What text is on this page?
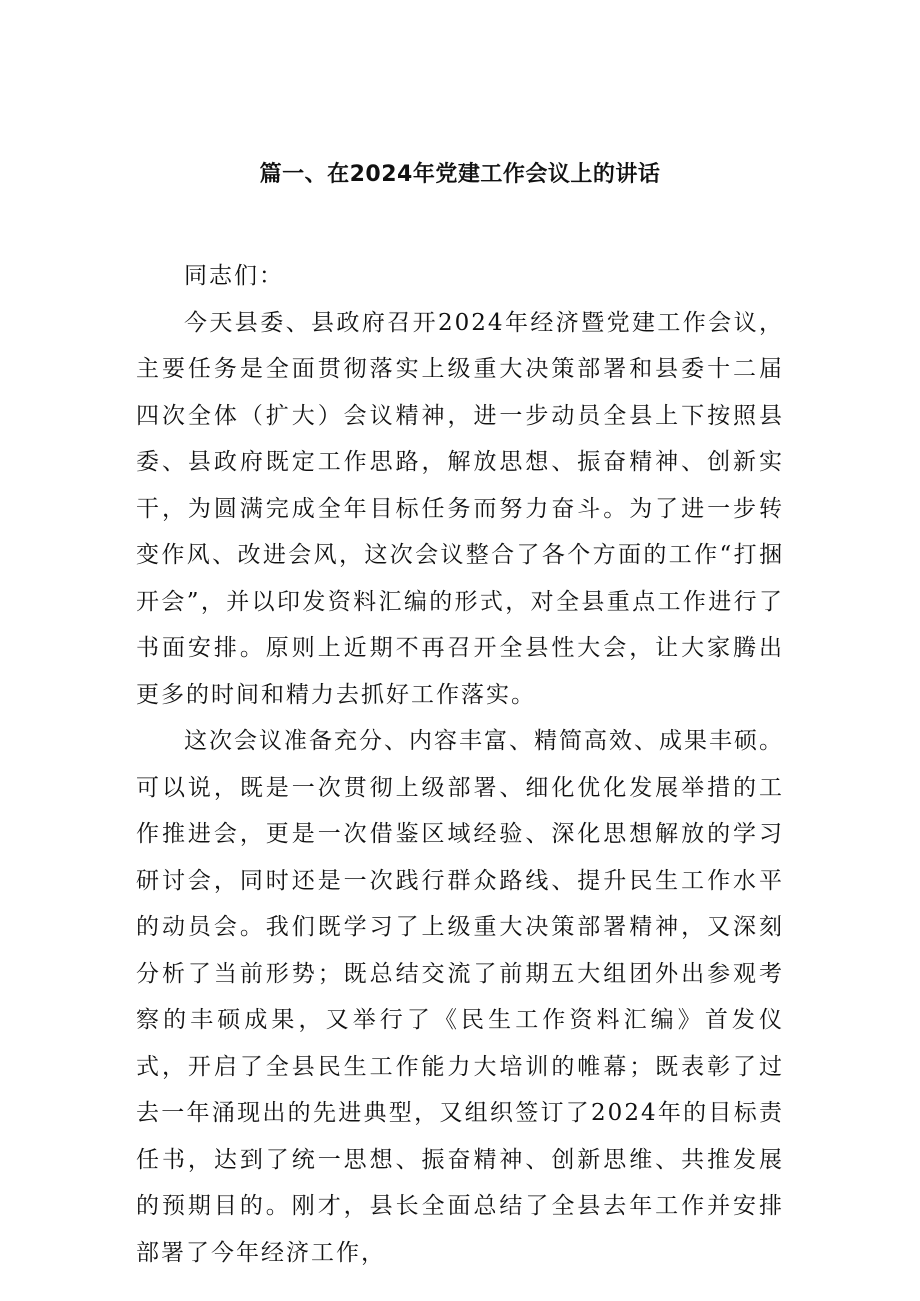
篇一、在2024年党建工作会议上的讲话

同志们：

今天县委、县政府召开2024年经济暨党建工作会议，主要任务是全面贯彻落实上级重大决策部署和县委十二届四次全体（扩大）会议精神，进一步动员全县上下按照县委、县政府既定工作思路，解放思想、振奋精神、创新实干，为圆满完成全年目标任务而努力奋斗。为了进一步转变作风、改进会风，这次会议整合了各个方面的工作“打捆开会”，并以印发资料汇编的形式，对全县重点工作进行了书面安排。原则上近期不再召开全县性大会，让大家腾出更多的时间和精力去抓好工作落实。

这次会议准备充分、内容丰富、精简高效、成果丰硕。可以说，既是一次贯彻上级部署、细化优化发展举措的工作推进会，更是一次借鉴区域经验、深化思想解放的学习研讨会，同时还是一次践行群众路线、提升民生工作水平的动员会。我们既学习了上级重大决策部署精神，又深刻分析了当前形势；既总结交流了前期五大组团外出参观考察的丰硕成果，又举行了《民生工作资料汇编》首发仪式，开启了全县民生工作能力大培训的帷幕；既表彰了过去一年涌现出的先进典型，又组织签订了2024年的目标责任书，达到了统一思想、振奋精神、创新思维、共推发展的预期目的。刚才，县长全面总结了全县去年工作并安排部署了今年经济工作，
